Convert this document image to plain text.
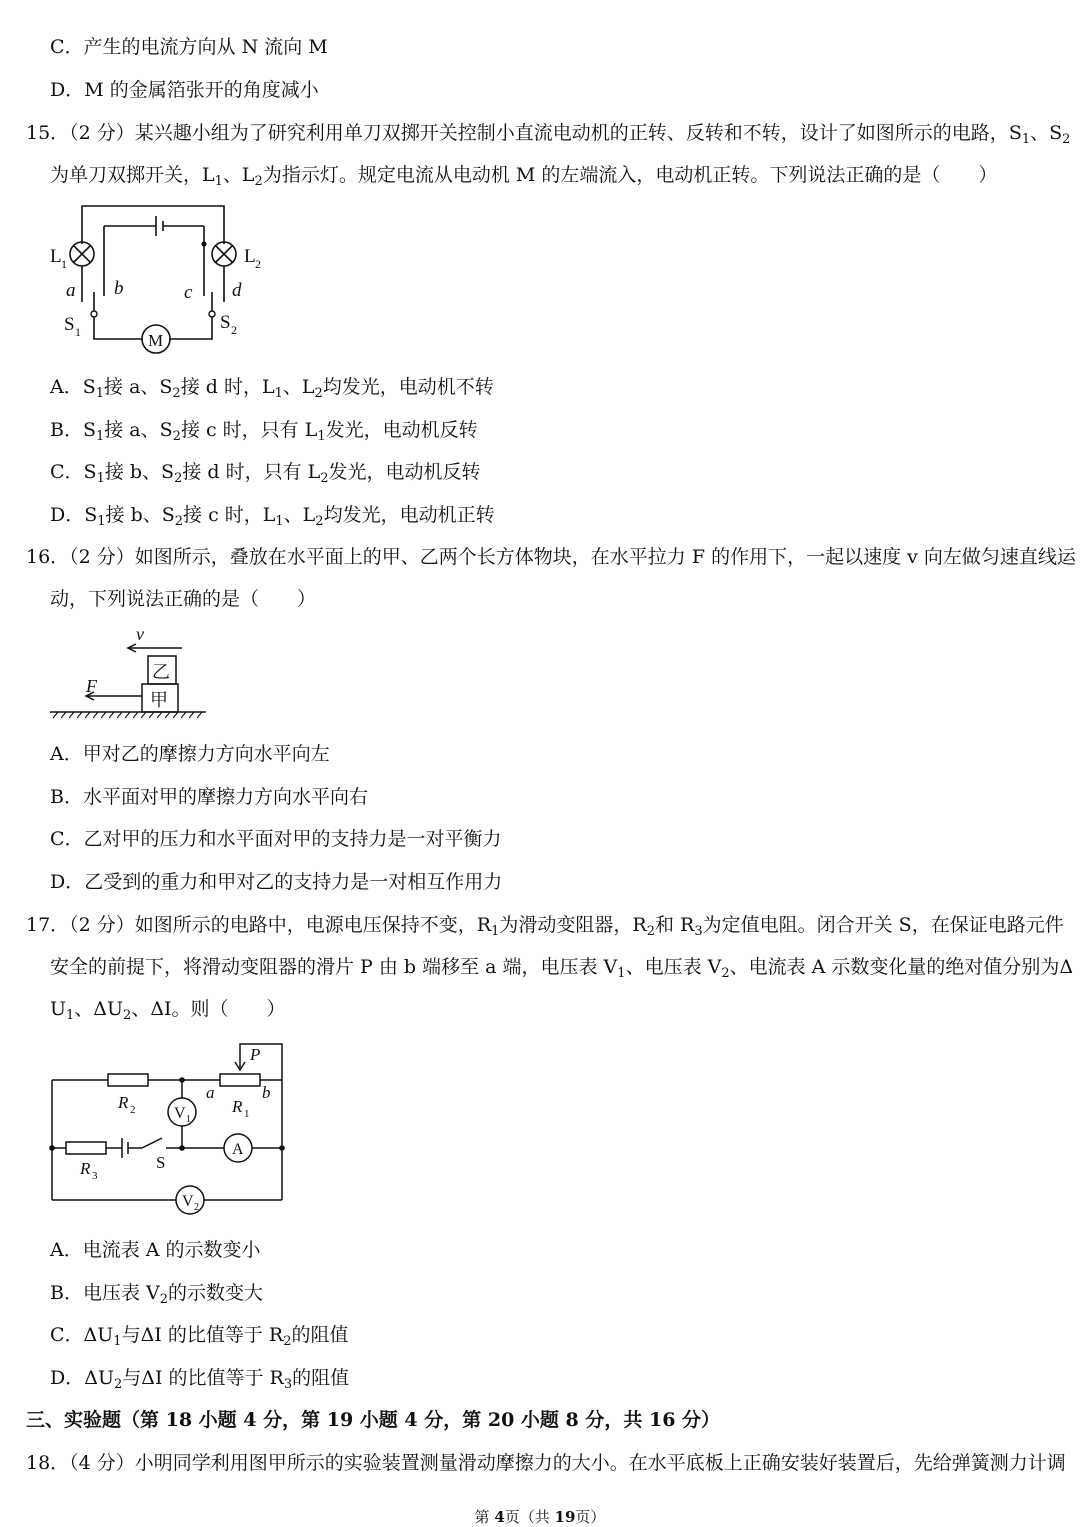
C．产生的电流方向从 N 流向 M
D．M 的金属箔张开的角度减小
15．（2 分）某兴趣小组为了研究利用单刀双掷开关控制小直流电动机的正转、反转和不转，设计了如图所示的电路，$S_1$、$S_2$
为单刀双掷开关，$L_1$、$L_2$为指示灯。规定电流从电动机 M 的左端流入，电动机正转。下列说法正确的是（　　）
L 1	L 2
a b	c d
S 1	S 2
M
A．$S_1$接 a、$S_2$接 d 时，$L_1$、$L_2$均发光，电动机不转
B．$S_1$接 a、$S_2$接 c 时，只有 $L_1$发光，电动机反转
C．$S_1$接 b、$S_2$接 d 时，只有 $L_2$发光，电动机反转
D．$S_1$接 b、$S_2$接 c 时，$L_1$、$L_2$均发光，电动机正转
16．（2 分）如图所示，叠放在水平面上的甲、乙两个长方体物块，在水平拉力 F 的作用下，一起以速度 v 向左做匀速直线运
动，下列说法正确的是（　　）
v
乙
F
甲
A．甲对乙的摩擦力方向水平向左
B．水平面对甲的摩擦力方向水平向右
C．乙对甲的压力和水平面对甲的支持力是一对平衡力
D．乙受到的重力和甲对乙的支持力是一对相互作用力
17．（2 分）如图所示的电路中，电源电压保持不变，$R_1$为滑动变阻器，$R_2$和 $R_3$为定值电阻。闭合开关 S，在保证电路元件
安全的前提下，将滑动变阻器的滑片 P 由 b 端移至 a 端，电压表 $V_1$、电压表 $V_2$、电流表 A 示数变化量的绝对值分别为Δ
$U_1$、$\Delta U_2$、ΔI。则（　　）
P
R 2
a	b
V 1
R 1
A
R 3
S
V 2
A．电流表 A 的示数变小
B．电压表 $V_2$的示数变大
C．$\Delta U_1$与ΔI 的比值等于 $R_2$的阻值
D．$\Delta U_2$与ΔI 的比值等于 $R_3$的阻值
三、实验题（第 18 小题 4 分，第 19 小题 4 分，第 20 小题 8 分，共 16 分）
18．（4 分）小明同学利用图甲所示的实验装置测量滑动摩擦力的大小。在水平底板上正确安装好装置后，先给弹簧测力计调
第 4页（共 19页）
